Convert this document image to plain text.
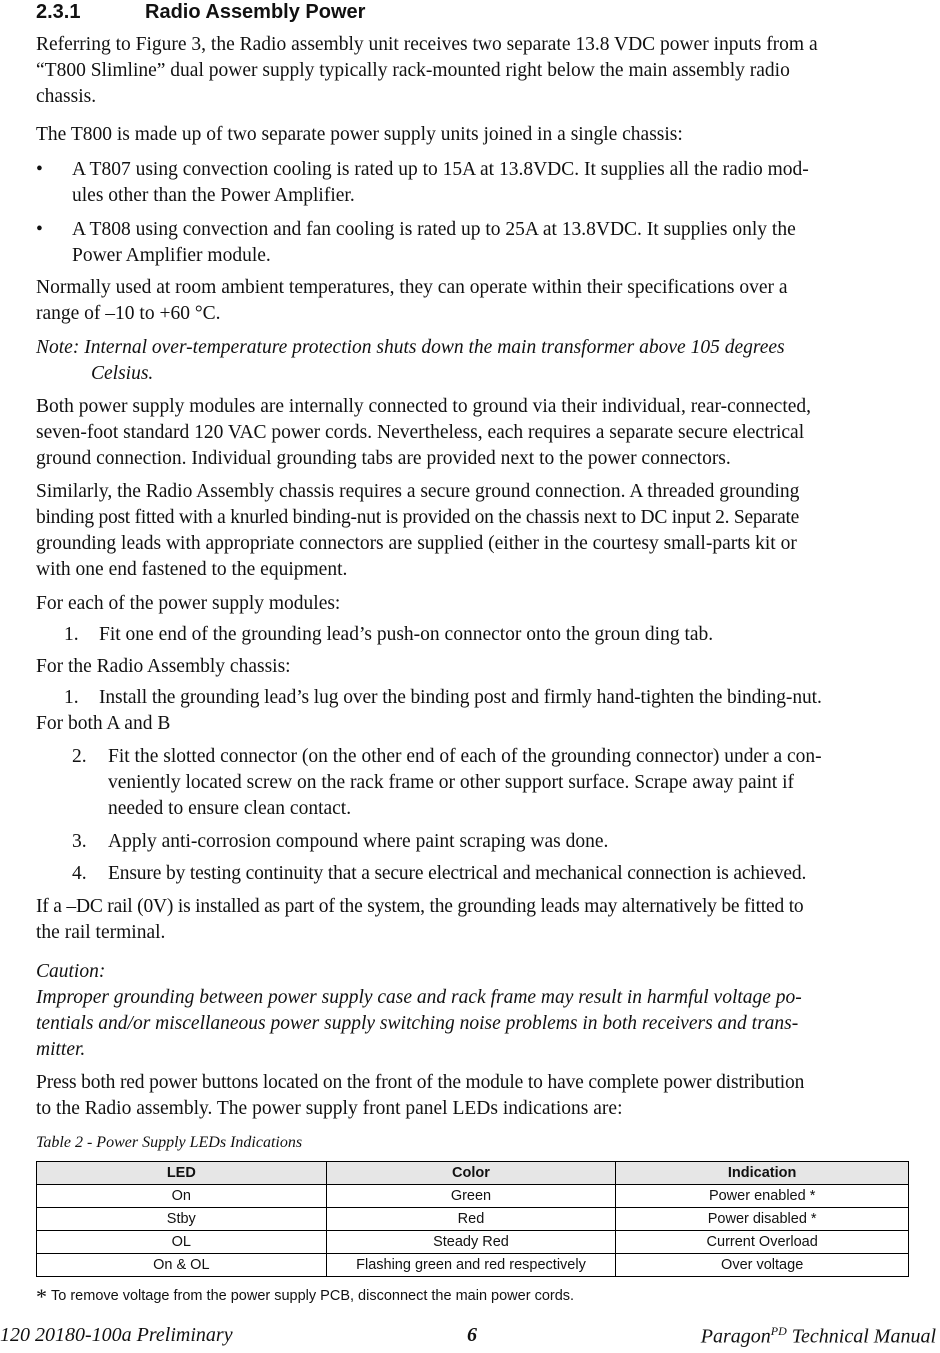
2.3.1	Radio Assembly Power
Referring to Figure 3, the Radio assembly unit receives two separate 13.8 VDC power inputs from a
“T800 Slimline” dual power supply typically rack-mounted right below the main assembly radio
chassis.
The T800 is made up of two separate power supply units joined in a single chassis:
• A T807 using convection cooling is rated up to 15A at 13.8VDC. It supplies all the radio mod-
ules other than the Power Amplifier.
• A T808 using convection and fan cooling is rated up to 25A at 13.8VDC. It supplies only the
Power Amplifier module.
Normally used at room ambient temperatures, they can operate within their specifications over a
range of –10 to +60 °C.
Note: Internal over-temperature protection shuts down the main transformer above 105 degrees
Celsius.
Both power supply modules are internally connected to ground via their individual, rear-connected,
seven-foot standard 120 VAC power cords. Nevertheless, each requires a separate secure electrical
ground connection. Individual grounding tabs are provided next to the power connectors.
Similarly, the Radio Assembly chassis requires a secure ground connection. A threaded grounding
binding post fitted with a knurled binding-nut is provided on the chassis next to DC input 2. Separate
grounding leads with appropriate connectors are supplied (either in the courtesy small-parts kit or
with one end fastened to the equipment.
For each of the power supply modules:
1. Fit one end of the grounding lead’s push-on connector onto the groun ding tab.
For the Radio Assembly chassis:
1. Install the grounding lead’s lug over the binding post and firmly hand-tighten the binding-nut.
For both A and B
2. Fit the slotted connector (on the other end of each of the grounding connector) under a con-
veniently located screw on the rack frame or other support surface. Scrape away paint if
needed to ensure clean contact.
3. Apply anti-corrosion compound where paint scraping was done.
4. Ensure by testing continuity that a secure electrical and mechanical connection is achieved.
If a –DC rail (0V) is installed as part of the system, the grounding leads may alternatively be fitted to
the rail terminal.
Caution:
Improper grounding between power supply case and rack frame may result in harmful voltage po-
tentials and/or miscellaneous power supply switching noise problems in both receivers and trans-
mitter.
Press both red power buttons located on the front of the module to have complete power distribution
to the Radio assembly. The power supply front panel LEDs indications are:
Table 2 - Power Supply LEDs Indications
LED	Color	Indication
On	Green	Power enabled *
Stby	Red	Power disabled *
OL	Steady Red	Current Overload
On & OL	Flashing green and red respectively	Over voltage
* To remove voltage from the power supply PCB, disconnect the main power cords.
120 20180-100a Preliminary	6	Paragon$^{PD}$ Technical Manual
